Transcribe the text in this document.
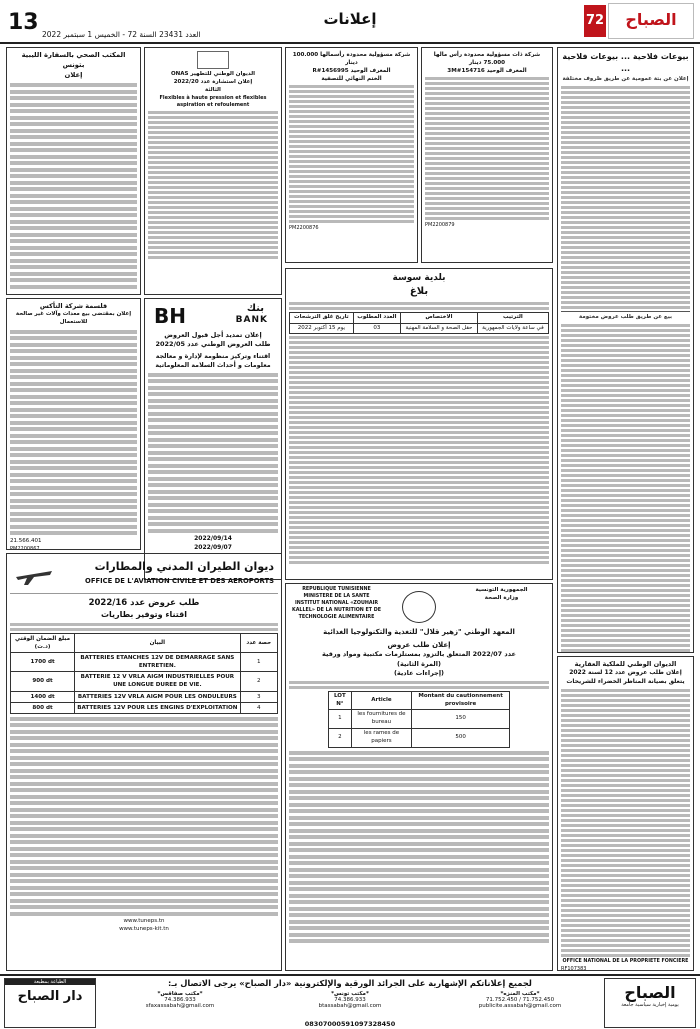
13 العدد 23431 السنة 72 - الخميس 1 سبتمبر 2022
إعلانات	الصباح
72
بيوعات فلاحية ... بيوعات فلاحية ...
إعلان عن بتة عمومية عن طريق ظروف مختلفة
بيع عن طريق طلب عروض مختومة
شركة ذات مسؤولية محدودة رأس مالها 75.000 دينار
المعرف الوحيد 154716#3M
PM2200879
شركة مسؤولية محدودة رأسمالها 100.000 دينار
المعرف الوحيد 1456995#R
الختم النهائي للتصفية
PM2200876
بلدية سوسة
بلاغ
الترتيب	الاختصاص	العدد المطلوب	تاريخ غلق الترشحات
في ساعة ولايات الجمهورية	حقل الصحة و السلامة المهنية	03	يوم 15 أكتوبر 2022
الديوان الوطني للتطهير ONAS
إعلان استشارة عدد 2022/20
الثالثة
Flexibles à haute pression et flexibles aspiration et refoulement
BH	BANK
بنك
إعلان تمديد أجل قبول العروض
طلب العروض الوطني عدد 2022/05
اقتناء وتركيز منظومة لإدارة و معالجة معلومات و أحداث السلامة المعلوماتية
2022/09/14
2022/09/07
المكتب الصحي بالسفارة الليبية بتونس
إعلان
قلسمة شركة التأكس
إعلان بمقتضى بيع معدات وآلات غير صالحة للاستعمال
21.566.401
PM2200867
ديوان الطيران المدني والمطارات
OFFICE DE L'AVIATION CIVILE ET DES AEROPORTS
طلب عروض عدد 2022/16
اقتناء وتوفير بطاريات
حصة عدد	البيان	مبلغ الضمان الوقتي (د.ت)
1	BATTERIES ETANCHES 12V DE DEMARRAGE SANS ENTRETIEN.	1700 dt
2	BATTERIE 12 V VRLA AIGM INDUSTRIELLES POUR UNE LONGUE DUREE DE VIE.	900 dt
3	BATTERIES 12V VRLA AIGM POUR LES ONDULEURS	1400 dt
4	BATTERIES 12V POUR LES ENGINS D'EXPLOITATION	800 dt
www.tuneps.tn
www.tuneps-kit.tn
REPUBLIQUE TUNISIENNE
MINISTERE DE LA SANTE
INSTITUT NATIONAL «ZOUHAIR KALLEL» DE LA NUTRITION ET DE TECHNOLOGIE ALIMENTAIRE
الجمهورية التونسية
وزارة الصحة
المعهد الوطني "زهير قلال" للتغذية والتكنولوجيا الغذائية
إعلان طلب عروض
عدد 2022/07 المتعلق بالتزود بمستلزمات مكتبية ومواد ورقية
(المرة الثانية)
(إجراءات عادية)
LOT N°	Article	Montant du cautionnement provisoire
1	les fournitures de bureau	150
2	les rames de papiers	500
الديوان الوطني للملكية العقارية
إعلان طلب عروض عدد 12 لسنة 2022
يتعلق بصيانة المناظر الخضراء للشريحات
OFFICE NATIONAL DE LA PROPRIETE FONCIERE
RF107383
لجميع إعلاناتكم الإشهارية على الجرائد الورقية والإلكترونية «دار الصباح» يرجى الاتصال بـ:	الصباح
يومية إخبارية سياسية جامعة
الطباعة بمطبعة
دار الصباح	*مكتب المنزه*
71.752.450 / 71.752.450
publicite.assabah@gmail.com
*مكتب تونس*
74.386.933
btassabah@gmail.com
*مكتب صفاقس*
74.386.933
sfaxassabah@gmail.com
08307000591097328450
